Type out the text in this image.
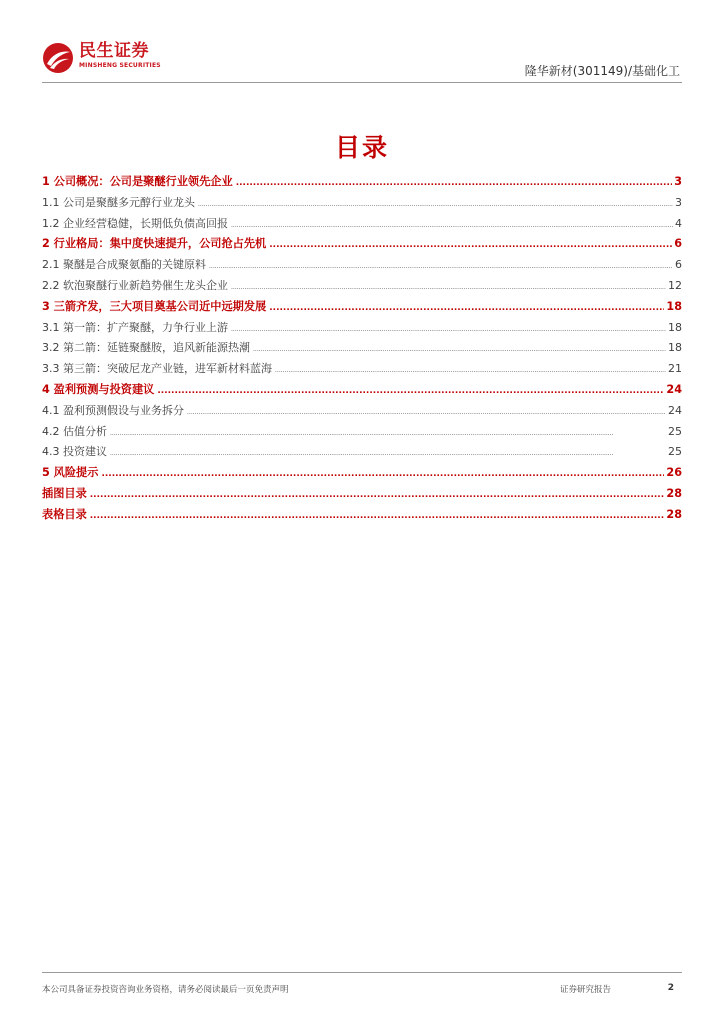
民生证券
MINSHENG SECURITIES	隆华新材(301149)/基础化工
目录
1 公司概况：公司是聚醚行业领先企业 .....	3
1.1 公司是聚醚多元醇行业龙头 .....	3
1.2 企业经营稳健，长期低负债高回报 .....	4
2 行业格局：集中度快速提升，公司抢占先机 .....	6
2.1 聚醚是合成聚氨酯的关键原料 .....	6
2.2 软泡聚醚行业新趋势催生龙头企业 .....	12
3 三箭齐发，三大项目奠基公司近中远期发展 .....	18
3.1 第一箭：扩产聚醚，力争行业上游 .....	18
3.2 第二箭：延链聚醚胺，追风新能源热潮 .....	18
3.3 第三箭：突破尼龙产业链，进军新材料蓝海 .....	21
4 盈利预测与投资建议 .....	24
4.1 盈利预测假设与业务拆分 .....	24
4.2 估值分析 .....	25
4.3 投资建议 .....	25
5 风险提示 .....	26
插图目录 .....	28
表格目录 .....	28
本公司具备证券投资咨询业务资格，请务必阅读最后一页免责声明	证券研究报告	2
